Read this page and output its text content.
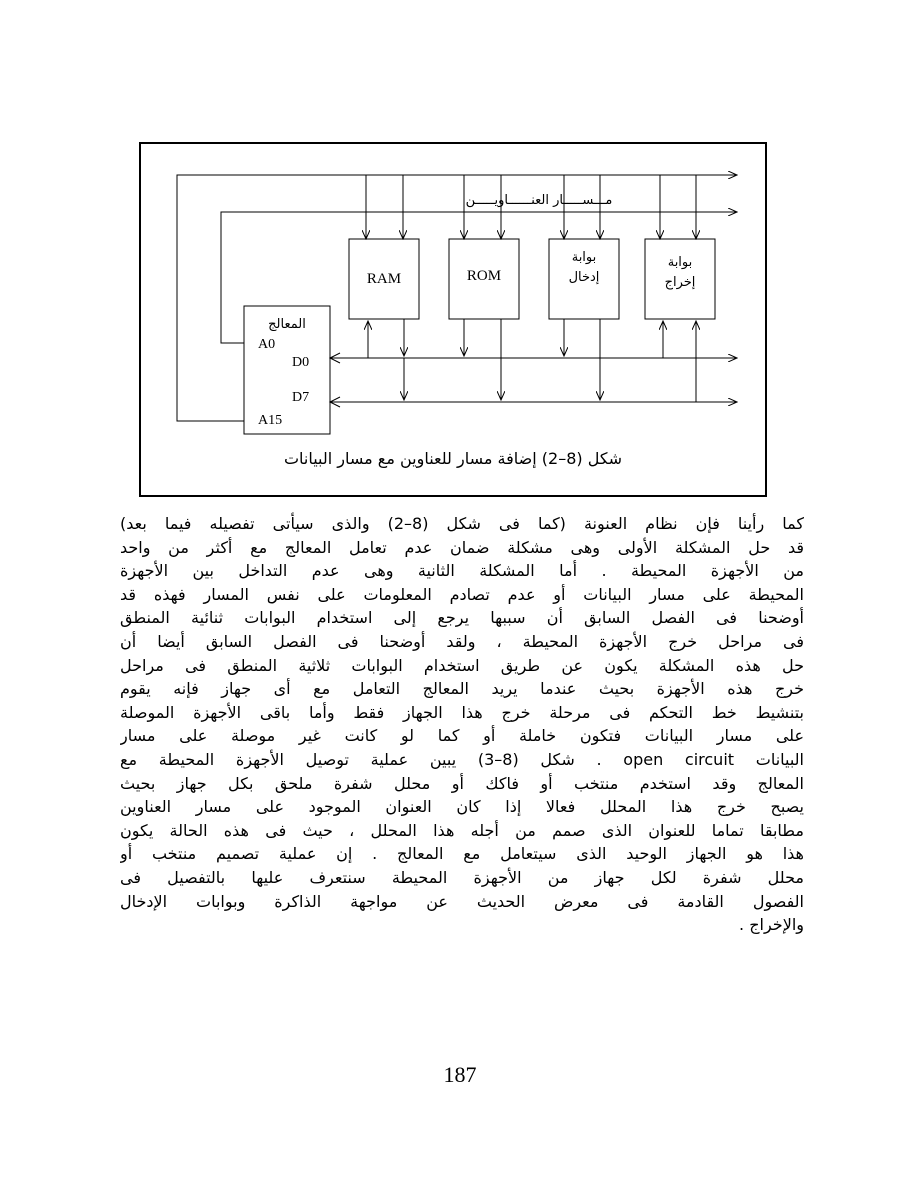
مـــســـــار العنــــــاويـــــن
RAM	ROM
بوابة
إدخال
بوابة
إخراج
المعالج
A0
D0
D7
A15
شكل (8–2) إضافة مسار للعناوين مع مسار البيانات
كما رأينا فإن نظام العنونة (كما فى شكل (8–2) والذى سيأتى تفصيله فيما بعد)
قد حل المشكلة الأولى وهى مشكلة ضمان عدم تعامل المعالج مع أكثر من واحد
من الأجهزة المحيطة . أما المشكلة الثانية وهى عدم التداخل بين الأجهزة
المحيطة على مسار البيانات أو عدم تصادم المعلومات على نفس المسار فهذه قد
أوضحنا فى الفصل السابق أن سببها يرجع إلى استخدام البوابات ثنائية المنطق
فى مراحل خرج الأجهزة المحيطة ، ولقد أوضحنا فى الفصل السابق أيضا أن
حل هذه المشكلة يكون عن طريق استخدام البوابات ثلاثية المنطق فى مراحل
خرج هذه الأجهزة بحيث عندما يريد المعالج التعامل مع أى جهاز فإنه يقوم
بتنشيط خط التحكم فى مرحلة خرج هذا الجهاز فقط وأما باقى الأجهزة الموصلة
على مسار البيانات فتكون خاملة أو كما لو كانت غير موصلة على مسار
البيانات open circuit . شكل (8–3) يبين عملية توصيل الأجهزة المحيطة مع
المعالج وقد استخدم منتخب أو فاكك أو محلل شفرة ملحق بكل جهاز بحيث
يصبح خرج هذا المحلل فعالا إذا كان العنوان الموجود على مسار العناوين
مطابقا تماما للعنوان الذى صمم من أجله هذا المحلل ، حيث فى هذه الحالة يكون
هذا هو الجهاز الوحيد الذى سيتعامل مع المعالج . إن عملية تصميم منتخب أو
محلل شفرة لكل جهاز من الأجهزة المحيطة سنتعرف عليها بالتفصيل فى
الفصول القادمة فى معرض الحديث عن مواجهة الذاكرة وبوابات الإدخال
والإخراج .
187
